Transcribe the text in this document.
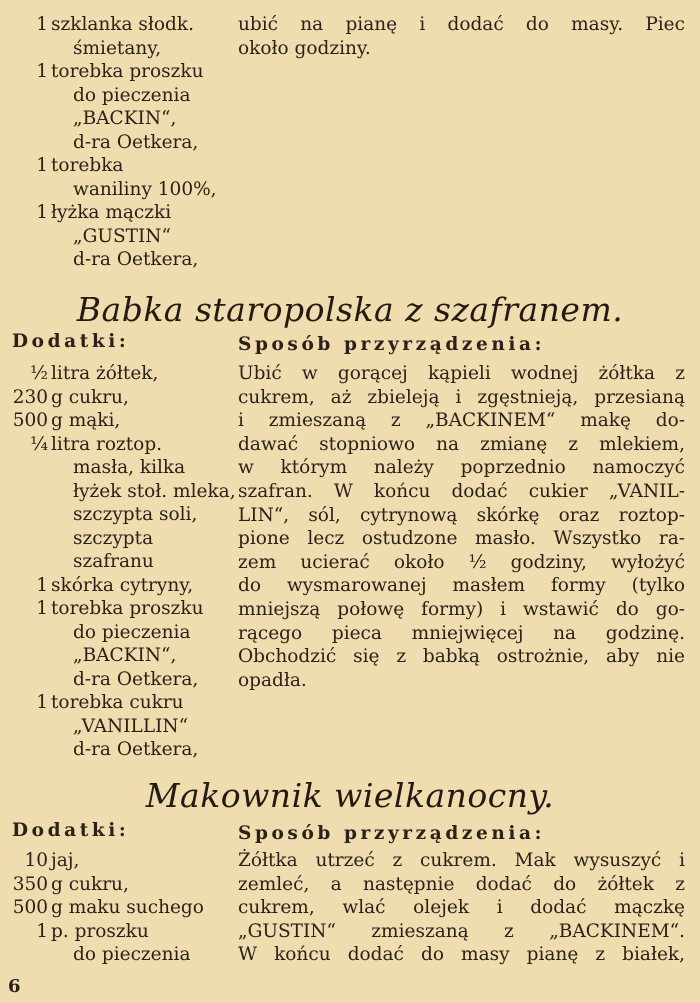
1 szklanka słodk.
śmietany,
1 torebka proszku
do pieczenia
„BACKIN“,
d-ra Oetkera,
1 torebka
waniliny 100%,
1 łyżka mączki
„GUSTIN“
d-ra Oetkera,
ubić na pianę i dodać do masy. Piec
około godziny.
Babka staropolska z szafranem.
Dodatki:	Sposób przyrządzenia:
½ litra żółtek,
230 g cukru,
500 g mąki,
¼ litra roztop.
masła, kilka
łyżek stoł. mleka,
szczypta soli,
szczypta
szafranu
1 skórka cytryny,
1 torebka proszku
do pieczenia
„BACKIN“,
d-ra Oetkera,
1 torebka cukru
„VANILLIN“
d-ra Oetkera,
Ubić w gorącej kąpieli wodnej żółtka z
cukrem, aż zbieleją i zgęstnieją, przesianą
i zmieszaną z „BACKINEM“ makę do-
dawać stopniowo na zmianę z mlekiem,
w którym należy poprzednio namoczyć
szafran. W końcu dodać cukier „VANIL-
LIN“, sól, cytrynową skórkę oraz roztop-
pione lecz ostudzone masło. Wszystko ra-
zem ucierać około ½ godziny, wyłożyć
do wysmarowanej masłem formy (tylko
mniejszą połowę formy) i wstawić do go-
rącego pieca mniejwięcej na godzinę.
Obchodzić się z babką ostrożnie, aby nie
opadła.
Makownik wielkanocny.
Dodatki:	Sposób przyrządzenia:
10 jaj,
350 g cukru,
500 g maku suchego
1 p. proszku
do pieczenia
Żółtka utrzeć z cukrem. Mak wysuszyć i
zemleć, a następnie dodać do żółtek z
cukrem, wlać olejek i dodać mączkę
„GUSTIN“ zmieszaną z „BACKINEM“.
W końcu dodać do masy pianę z białek,
6
